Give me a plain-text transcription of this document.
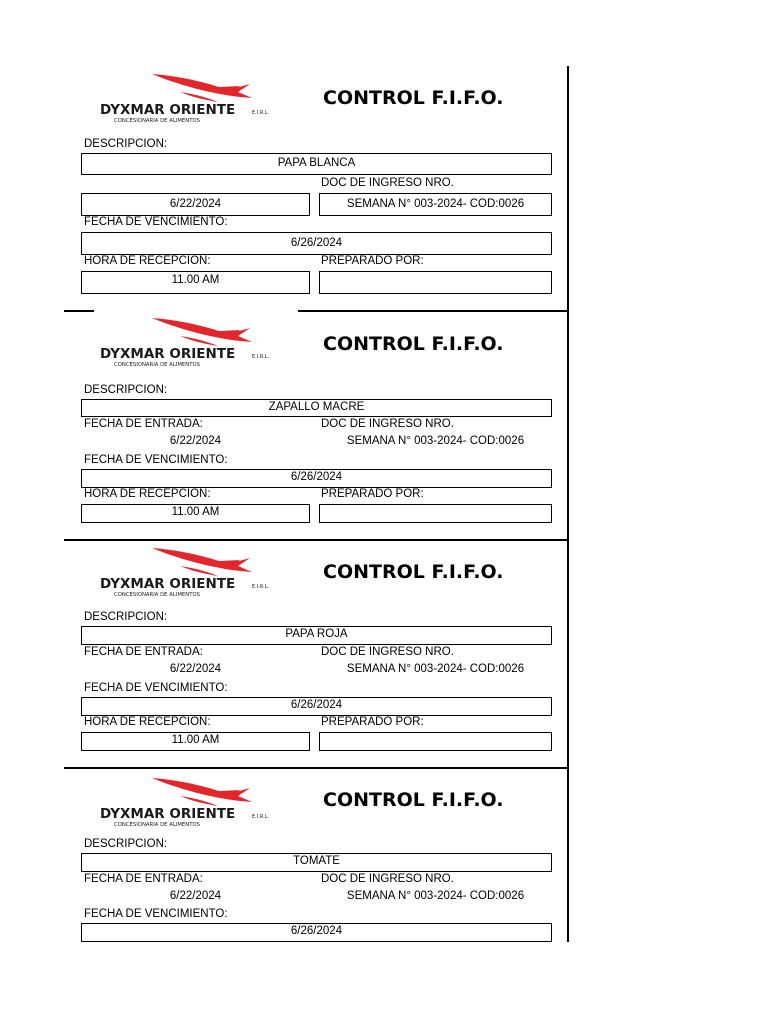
DYXMAR ORIENTE	E.I.R.L.
CONCESIONARIA DE ALIMENTOS
CONTROL F.I.F.O.
DESCRIPCION:
PAPA BLANCA
DOC DE INGRESO NRO.
6/22/2024	SEMANA N° 003-2024- COD:0026
FECHA DE VENCIMIENTO:
6/26/2024
HORA DE RECEPCION:	PREPARADO POR:
11.00 AM
DYXMAR ORIENTE	E.I.R.L.
CONCESIONARIA DE ALIMENTOS
CONTROL F.I.F.O.
DESCRIPCION:
ZAPALLO MACRE
FECHA DE ENTRADA:	DOC DE INGRESO NRO.
6/22/2024	SEMANA N° 003-2024- COD:0026
FECHA DE VENCIMIENTO:
6/26/2024
HORA DE RECEPCION:	PREPARADO POR:
11.00 AM
DYXMAR ORIENTE	E.I.R.L.
CONCESIONARIA DE ALIMENTOS
CONTROL F.I.F.O.
DESCRIPCION:
PAPA ROJA
FECHA DE ENTRADA:	DOC DE INGRESO NRO.
6/22/2024	SEMANA N° 003-2024- COD:0026
FECHA DE VENCIMIENTO:
6/26/2024
HORA DE RECEPCION:	PREPARADO POR:
11.00 AM
DYXMAR ORIENTE	E.I.R.L.
CONCESIONARIA DE ALIMENTOS
CONTROL F.I.F.O.
DESCRIPCION:
TOMATE
FECHA DE ENTRADA:	DOC DE INGRESO NRO.
6/22/2024	SEMANA N° 003-2024- COD:0026
FECHA DE VENCIMIENTO:
6/26/2024
